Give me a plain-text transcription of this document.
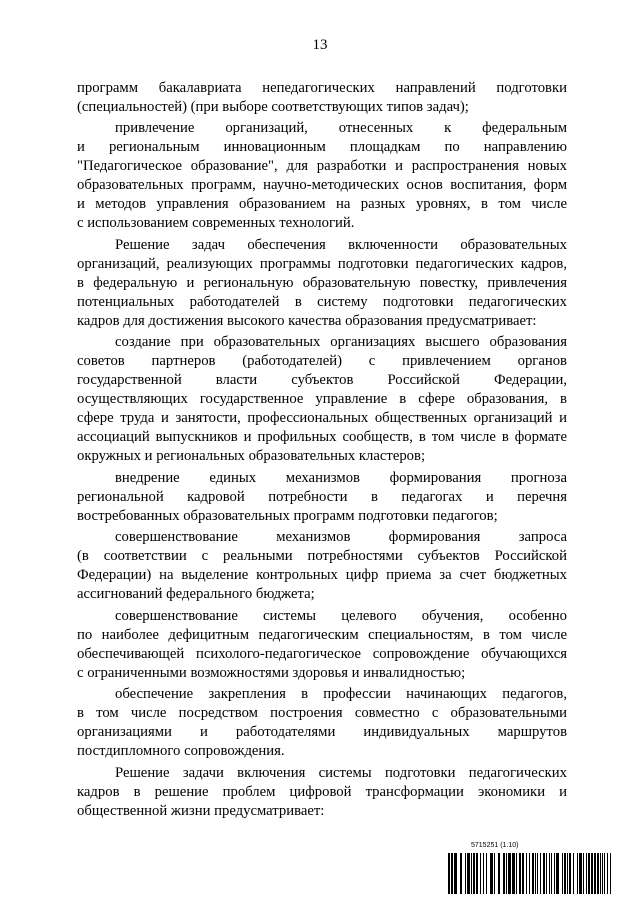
13
программ бакалавриата непедагогических направлений подготовки
(специальностей) (при выборе соответствующих типов задач);
привлечение организаций, отнесенных к федеральным
и региональным инновационным площадкам по направлению
"Педагогическое образование", для разработки и распространения новых
образовательных программ, научно-методических основ воспитания, форм
и методов управления образованием на разных уровнях, в том числе
с использованием современных технологий.
Решение задач обеспечения включенности образовательных
организаций, реализующих программы подготовки педагогических кадров,
в федеральную и региональную образовательную повестку, привлечения
потенциальных работодателей в систему подготовки педагогических
кадров для достижения высокого качества образования предусматривает:
создание при образовательных организациях высшего образования
советов партнеров (работодателей) с привлечением органов
государственной власти субъектов Российской Федерации,
осуществляющих государственное управление в сфере образования, в
сфере труда и занятости, профессиональных общественных организаций и
ассоциаций выпускников и профильных сообществ, в том числе в формате
окружных и региональных образовательных кластеров;
внедрение единых механизмов формирования прогноза
региональной кадровой потребности в педагогах и перечня
востребованных образовательных программ подготовки педагогов;
совершенствование механизмов формирования запроса
(в соответствии с реальными потребностями субъектов Российской
Федерации) на выделение контрольных цифр приема за счет бюджетных
ассигнований федерального бюджета;
совершенствование системы целевого обучения, особенно
по наиболее дефицитным педагогическим специальностям, в том числе
обеспечивающей психолого-педагогическое сопровождение обучающихся
с ограниченными возможностями здоровья и инвалидностью;
обеспечение закрепления в профессии начинающих педагогов,
в том числе посредством построения совместно с образовательными
организациями и работодателями индивидуальных маршрутов
постдипломного сопровождения.
Решение задачи включения системы подготовки педагогических
кадров в решение проблем цифровой трансформации экономики и
общественной жизни предусматривает:
5715251 (1.10)
